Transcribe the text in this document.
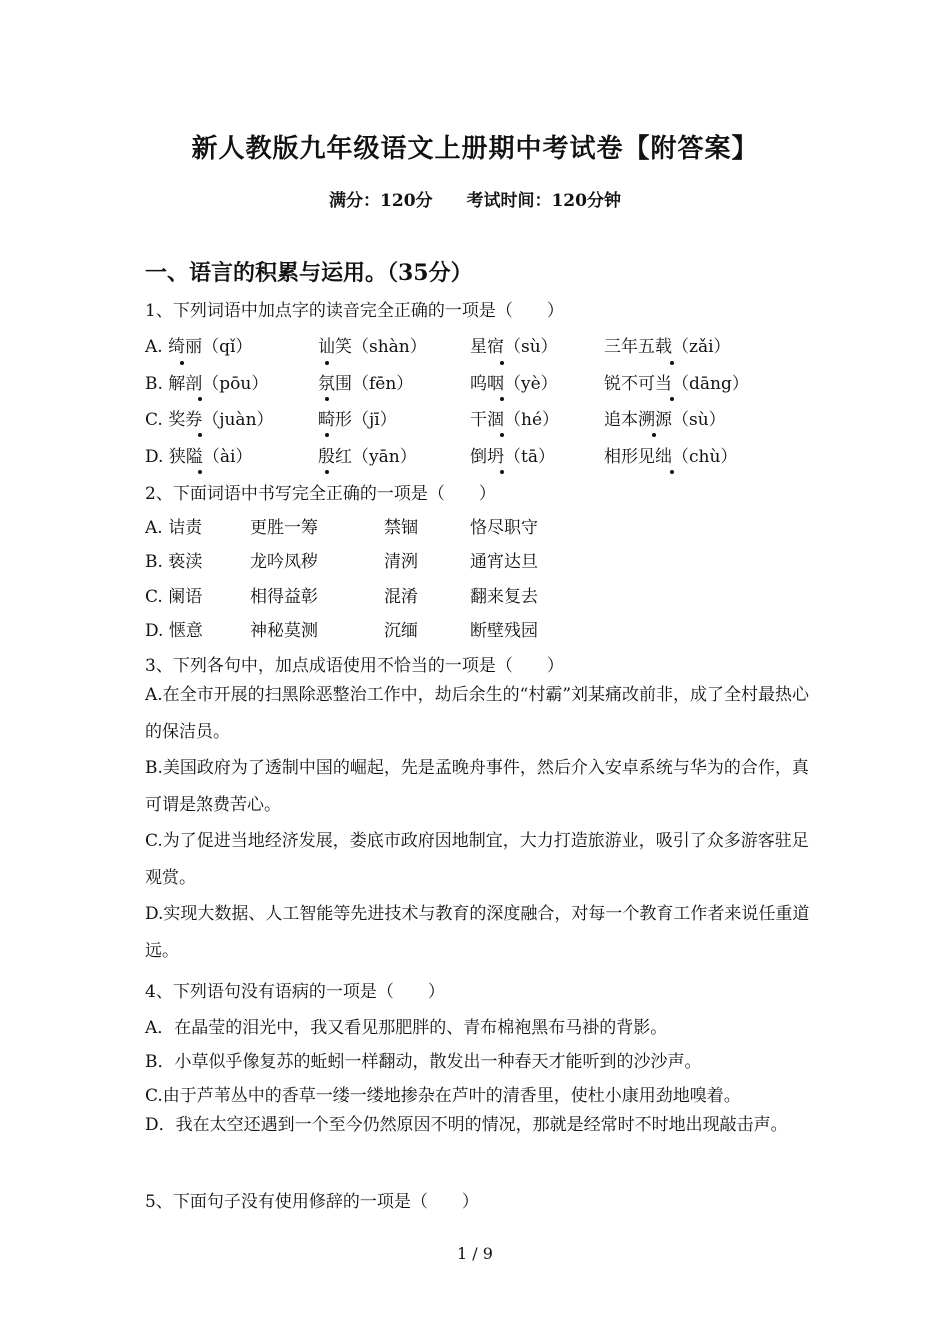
新人教版九年级语文上册期中考试卷【附答案】
满分：120分 考试时间：120分钟
一、语言的积累与运用。（35分）
1、下列词语中加点字的读音完全正确的一项是（　　）
A. 绮丽（qǐ）	讪笑（shàn）	星宿（sù）	三年五载（zǎi）
B. 解剖（pōu）	氛围（fēn）	呜咽（yè）	锐不可当（dāng）
C. 奖券（juàn）	畸形（jī）	干涸（hé）	追本溯源（sù）
D. 狭隘（ài）	殷红（yān）	倒坍（tā）	相形见绌（chù）
2、下面词语中书写完全正确的一项是（　　）
A. 诘责	更胜一筹	禁锢	恪尽职守
B. 亵渎	龙吟凤秽	清洌	通宵达旦
C. 阑语	相得益彰	混淆	翻来复去
D. 惬意	神秘莫测	沉缅	断壁残园
3、下列各句中，加点成语使用不恰当的一项是（　　）
A.在全市开展的扫黑除恶整治工作中，劫后余生的“村霸”刘某痛改前非，成了全村最热心的保洁员。
B.美国政府为了透制中国的崛起，先是孟晚舟事件，然后介入安卓系统与华为的合作，真可谓是煞费苦心。
C.为了促进当地经济发展，娄底市政府因地制宜，大力打造旅游业，吸引了众多游客驻足观赏。
D.实现大数据、人工智能等先进技术与教育的深度融合，对每一个教育工作者来说任重道远。
4、下列语句没有语病的一项是（　　）
A．在晶莹的泪光中，我又看见那肥胖的、青布棉袍黑布马褂的背影。
B．小草似乎像复苏的蚯蚓一样翻动，散发出一种春天才能听到的沙沙声。
C.由于芦苇丛中的香草一缕一缕地掺杂在芦叶的清香里，使杜小康用劲地嗅着。
D．我在太空还遇到一个至今仍然原因不明的情况，那就是经常时不时地出现敲击声。
5、下面句子没有使用修辞的一项是（　　）
1 / 9
